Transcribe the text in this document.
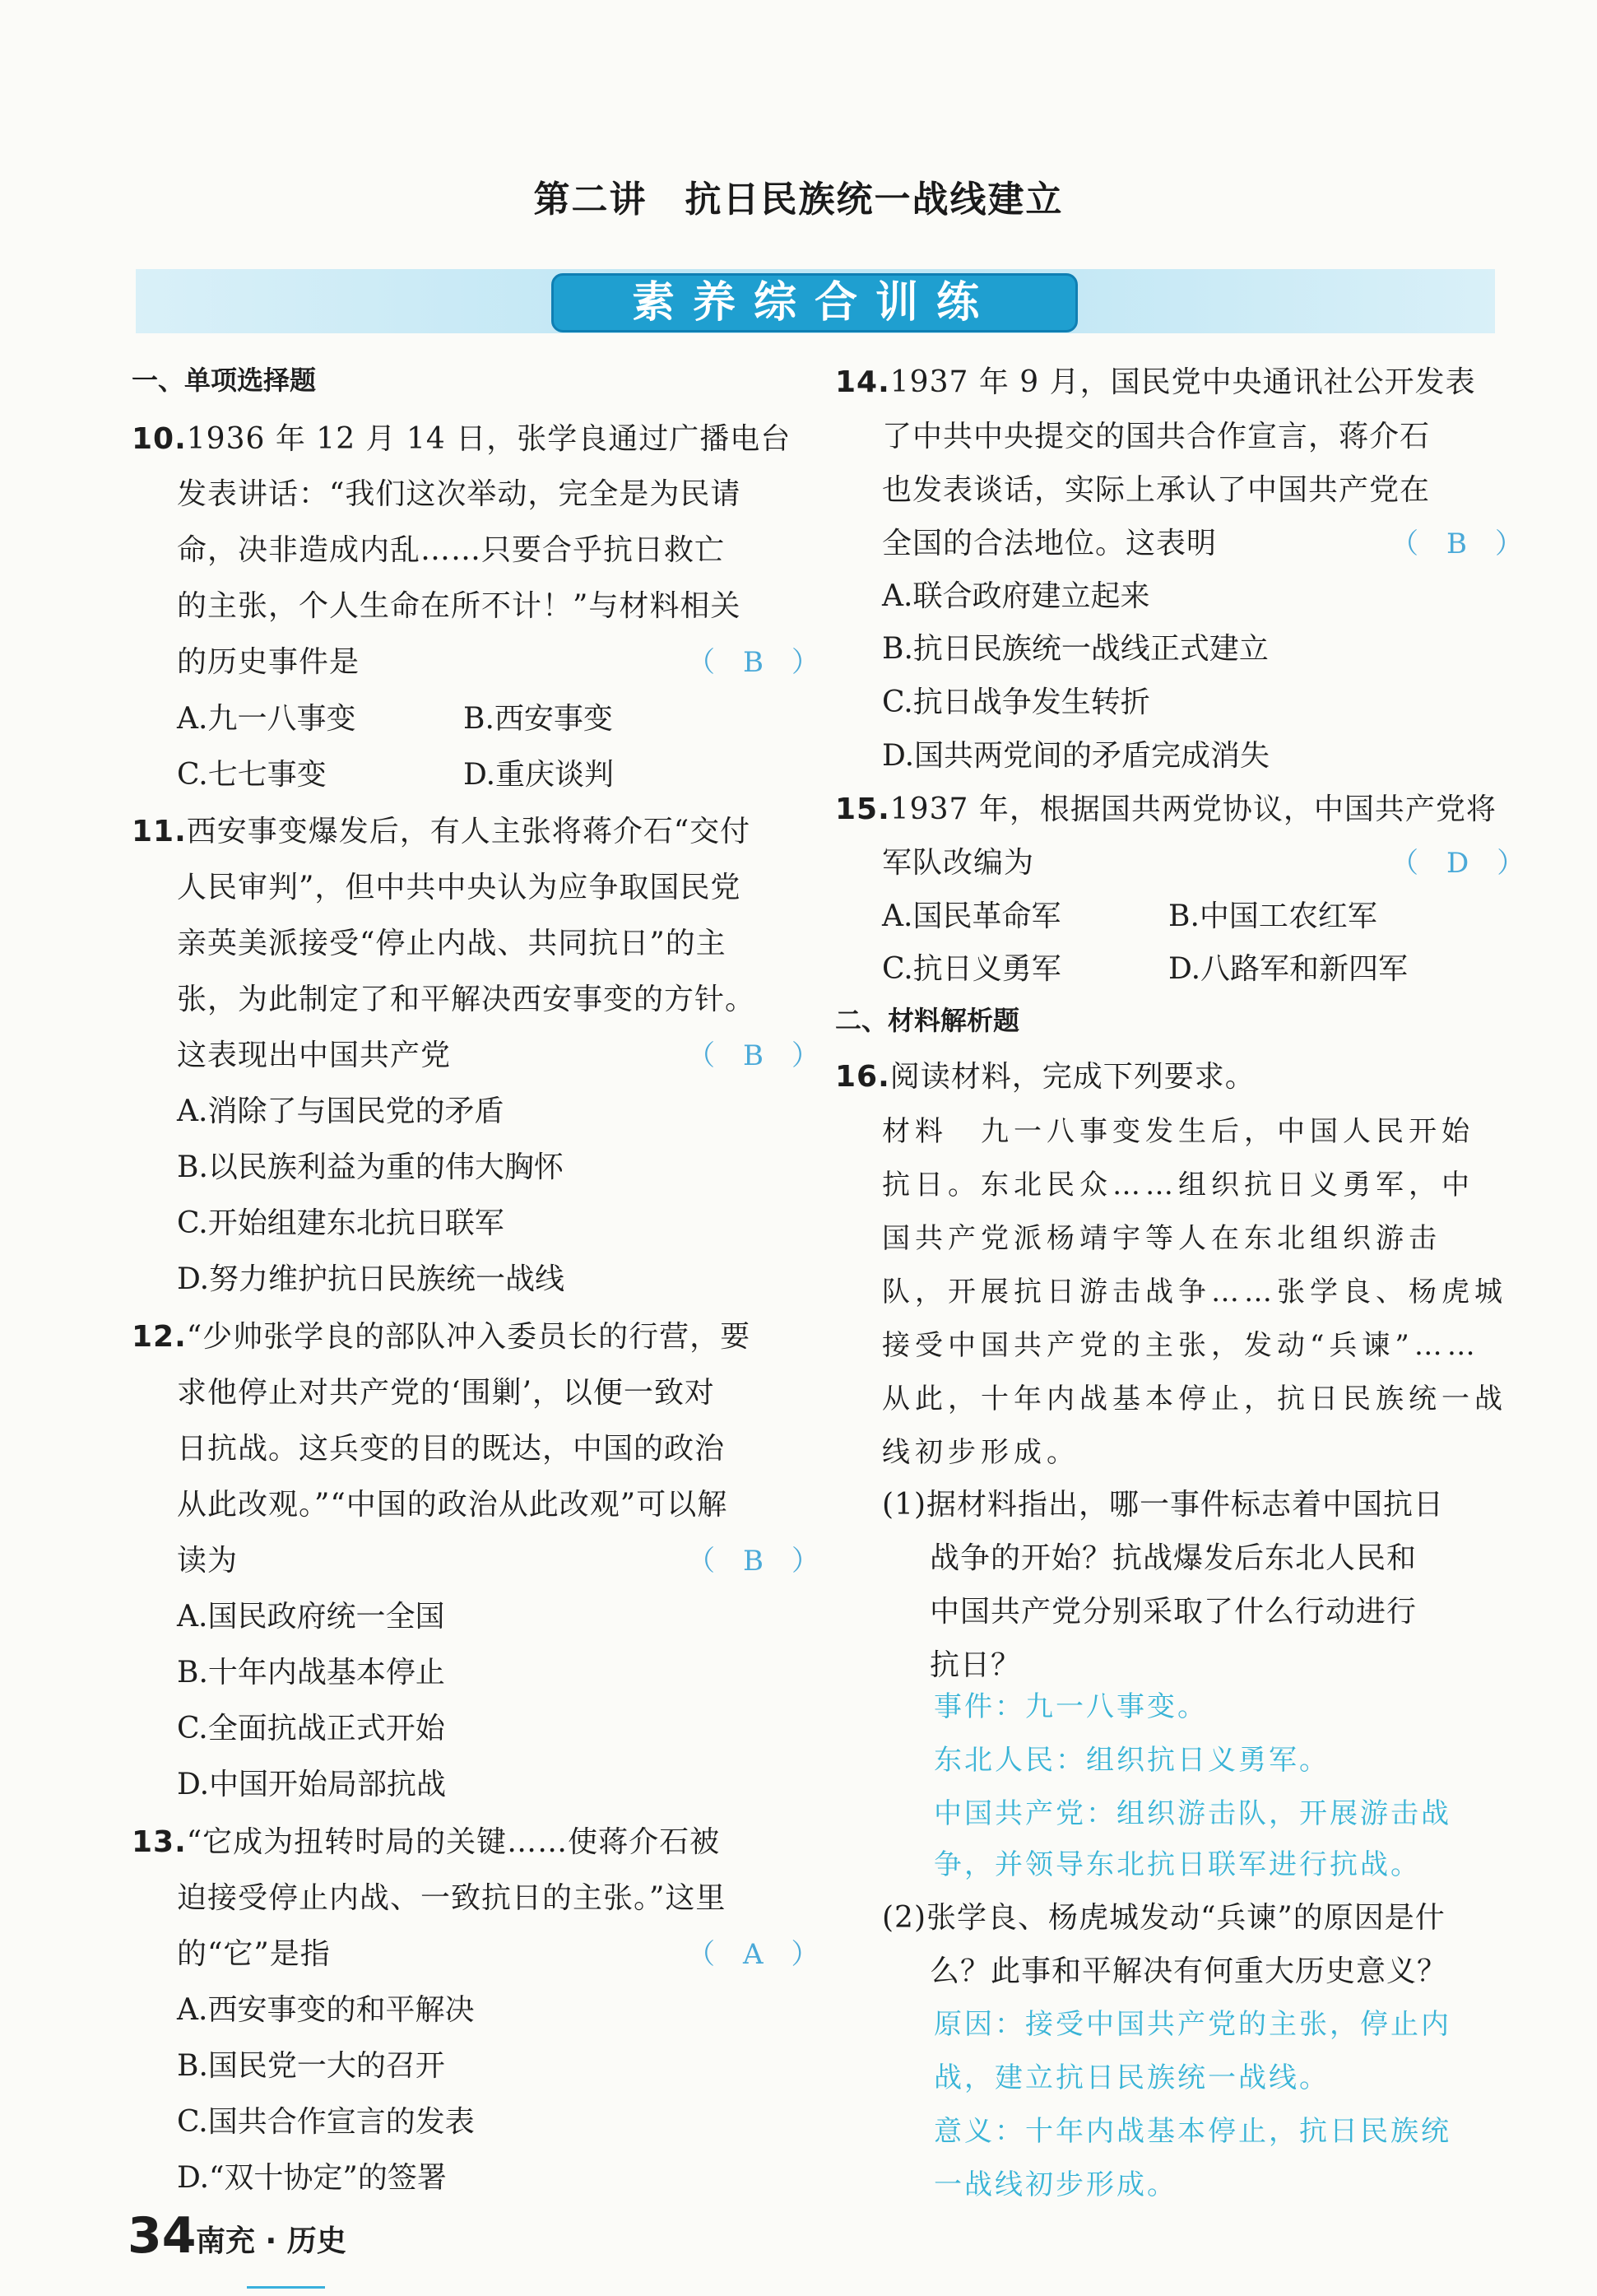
第二讲　抗日民族统一战线建立
素养综合训练
一、单项选择题
10.1936 年 12 月 14 日，张学良通过广播电台
发表讲话：“我们这次举动，完全是为民请
命，决非造成内乱……只要合乎抗日救亡
的主张，个人生命在所不计！”与材料相关
的历史事件是	（　B　）
A.九一八事变	B.西安事变
C.七七事变	D.重庆谈判
11.西安事变爆发后，有人主张将蒋介石“交付
人民审判”，但中共中央认为应争取国民党
亲英美派接受“停止内战、共同抗日”的主
张，为此制定了和平解决西安事变的方针。
这表现出中国共产党	（　B　）
A.消除了与国民党的矛盾
B.以民族利益为重的伟大胸怀
C.开始组建东北抗日联军
D.努力维护抗日民族统一战线
12.“少帅张学良的部队冲入委员长的行营，要
求他停止对共产党的‘围剿’，以便一致对
日抗战。这兵变的目的既达，中国的政治
从此改观。”“中国的政治从此改观”可以解
读为	（　B　）
A.国民政府统一全国
B.十年内战基本停止
C.全面抗战正式开始
D.中国开始局部抗战
13.“它成为扭转时局的关键……使蒋介石被
迫接受停止内战、一致抗日的主张。”这里
的“它”是指	（　A　）
A.西安事变的和平解决
B.国民党一大的召开
C.国共合作宣言的发表
D.“双十协定”的签署
34 南充 · 历史
14.1937 年 9 月，国民党中央通讯社公开发表
了中共中央提交的国共合作宣言，蒋介石
也发表谈话，实际上承认了中国共产党在
全国的合法地位。这表明	（　B　）
A.联合政府建立起来
B.抗日民族统一战线正式建立
C.抗日战争发生转折
D.国共两党间的矛盾完成消失
15.1937 年，根据国共两党协议，中国共产党将
军队改编为	（　D　）
A.国民革命军	B.中国工农红军
C.抗日义勇军	D.八路军和新四军
二、材料解析题
16.阅读材料，完成下列要求。
材料　九一八事变发生后，中国人民开始
抗日。东北民众……组织抗日义勇军，中
国共产党派杨靖宇等人在东北组织游击
队，开展抗日游击战争……张学良、杨虎城
接受中国共产党的主张，发动“兵谏”……
从此，十年内战基本停止，抗日民族统一战
线初步形成。
(1)据材料指出，哪一事件标志着中国抗日
战争的开始？抗战爆发后东北人民和
中国共产党分别采取了什么行动进行
抗日？
事件：九一八事变。
东北人民：组织抗日义勇军。
中国共产党：组织游击队，开展游击战
争，并领导东北抗日联军进行抗战。
(2)张学良、杨虎城发动“兵谏”的原因是什
么？此事和平解决有何重大历史意义？
原因：接受中国共产党的主张，停止内
战，建立抗日民族统一战线。
意义：十年内战基本停止，抗日民族统
一战线初步形成。
